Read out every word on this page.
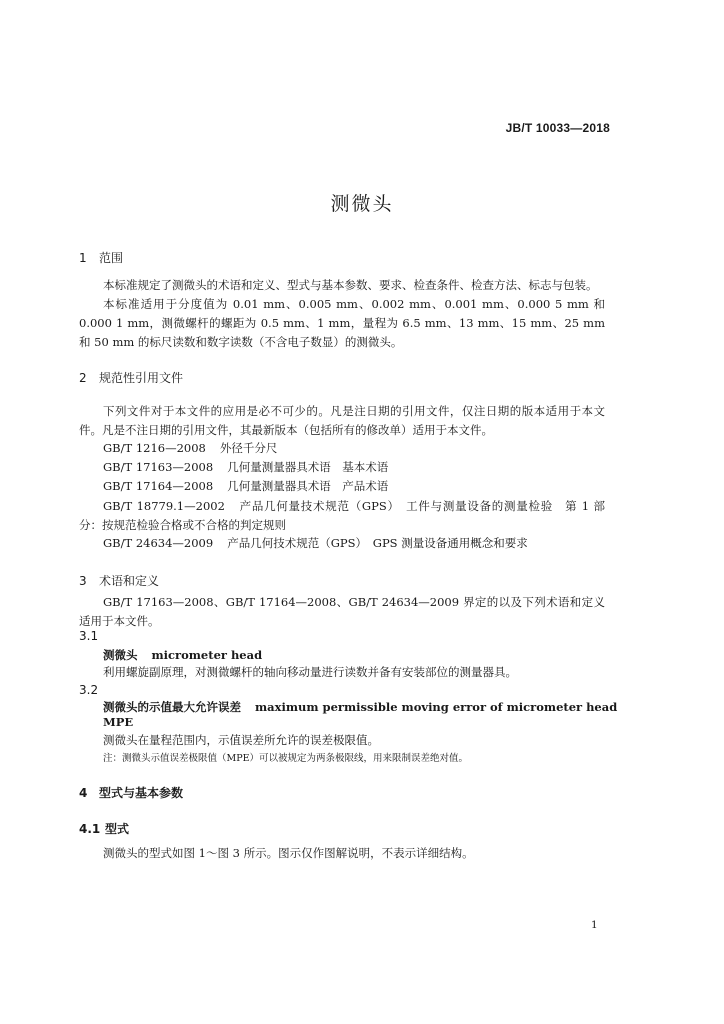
JB/T 10033—2018
测微头
1 范围
本标准规定了测微头的术语和定义、型式与基本参数、要求、检查条件、检查方法、标志与包装。
本标准适用于分度值为 0.01 mm、0.005 mm、0.002 mm、0.001 mm、0.000 5 mm 和 0.000 1 mm，测微螺杆的螺距为 0.5 mm、1 mm，量程为 6.5 mm、13 mm、15 mm、25 mm 和 50 mm 的标尺读数和数字读数（不含电子数显）的测微头。
2 规范性引用文件
下列文件对于本文件的应用是必不可少的。凡是注日期的引用文件，仅注日期的版本适用于本文件。凡是不注日期的引用文件，其最新版本（包括所有的修改单）适用于本文件。
GB/T 1216—2008 外径千分尺
GB/T 17163—2008 几何量测量器具术语　基本术语
GB/T 17164—2008 几何量测量器具术语　产品术语
GB/T 18779.1—2002 产品几何量技术规范（GPS）　工件与测量设备的测量检验　第 1 部分：按规范检验合格或不合格的判定规则
GB/T 24634—2009 产品几何技术规范（GPS）　GPS 测量设备通用概念和要求
3 术语和定义
GB/T 17163—2008、GB/T 17164—2008、GB/T 24634—2009 界定的以及下列术语和定义适用于本文件。
3.1
测微头 micrometer head
利用螺旋副原理，对测微螺杆的轴向移动量进行读数并备有安装部位的测量器具。
3.2
测微头的示值最大允许误差 maximum permissible moving error of micrometer head
MPE
测微头在量程范围内，示值误差所允许的误差极限值。
注：测微头示值误差极限值（MPE）可以被规定为两条极限线，用来限制误差绝对值。
4 型式与基本参数
4.1 型式
测微头的型式如图 1～图 3 所示。图示仅作图解说明，不表示详细结构。
1
